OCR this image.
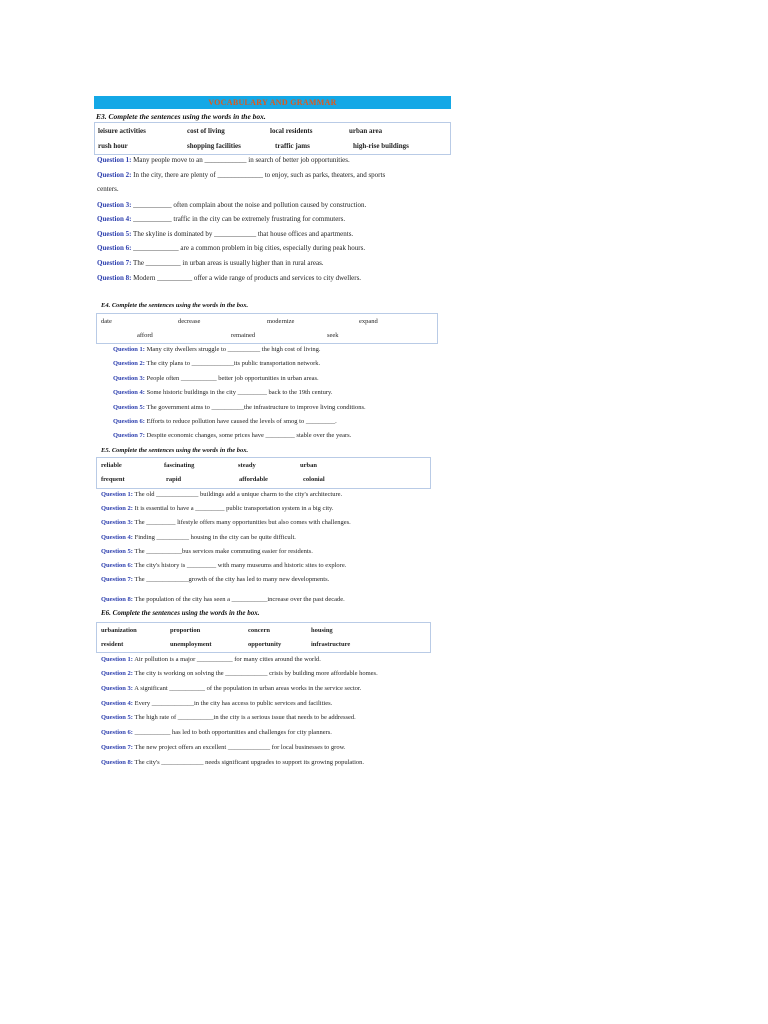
VOCABULARY AND GRAMMAR
E3. Complete the sentences using the words in the box.
leisure activities	cost of living	local residents	urban area
rush hour	shopping facilities	traffic jams	high-rise buildings
Question 1: Many people move to an ____________ in search of better job opportunities.
Question 2: In the city, there are plenty of _____________ to enjoy, such as parks, theaters, and sports
centers.
Question 3: ___________ often complain about the noise and pollution caused by construction.
Question 4: ___________ traffic in the city can be extremely frustrating for commuters.
Question 5: The skyline is dominated by ____________ that house offices and apartments.
Question 6: _____________ are a common problem in big cities, especially during peak hours.
Question 7: The __________ in urban areas is usually higher than in rural areas.
Question 8: Modern __________ offer a wide range of products and services to city dwellers.
E4. Complete the sentences using the words in the box.
date	decrease	modernize	expand
afford	remained	seek
Question 1: Many city dwellers struggle to __________ the high cost of living.
Question 2: The city plans to _____________its public transportation network.
Question 3: People often ___________ better job opportunities in urban areas.
Question 4: Some historic buildings in the city _________ back to the 19th century.
Question 5: The government aims to __________the infrastructure to improve living conditions.
Question 6: Efforts to reduce pollution have caused the levels of smog to _________.
Question 7: Despite economic changes, some prices have _________ stable over the years.
E5. Complete the sentences using the words in the box.
reliable	fascinating	steady	urban
frequent	rapid	affordable	colonial
Question 1: The old _____________ buildings add a unique charm to the city's architecture.
Question 2: It is essential to have a _________ public transportation system in a big city.
Question 3: The _________ lifestyle offers many opportunities but also comes with challenges.
Question 4: Finding __________ housing in the city can be quite difficult.
Question 5: The ___________bus services make commuting easier for residents.
Question 6: The city's history is _________ with many museums and historic sites to explore.
Question 7: The _____________growth of the city has led to many new developments.
Question 8: The population of the city has seen a ___________increase over the past decade.
E6. Complete the sentences using the words in the box.
urbanization	proportion	concern	housing
resident	unemployment	opportunity	infrastructure
Question 1: Air pollution is a major ___________ for many cities around the world.
Question 2: The city is working on solving the _____________ crisis by building more affordable homes.
Question 3: A significant ___________ of the population in urban areas works in the service sector.
Question 4: Every _____________in the city has access to public services and facilities.
Question 5: The high rate of ___________in the city is a serious issue that needs to be addressed.
Question 6: ___________ has led to both opportunities and challenges for city planners.
Question 7: The new project offers an excellent _____________ for local businesses to grow.
Question 8: The city's _____________ needs significant upgrades to support its growing population.
